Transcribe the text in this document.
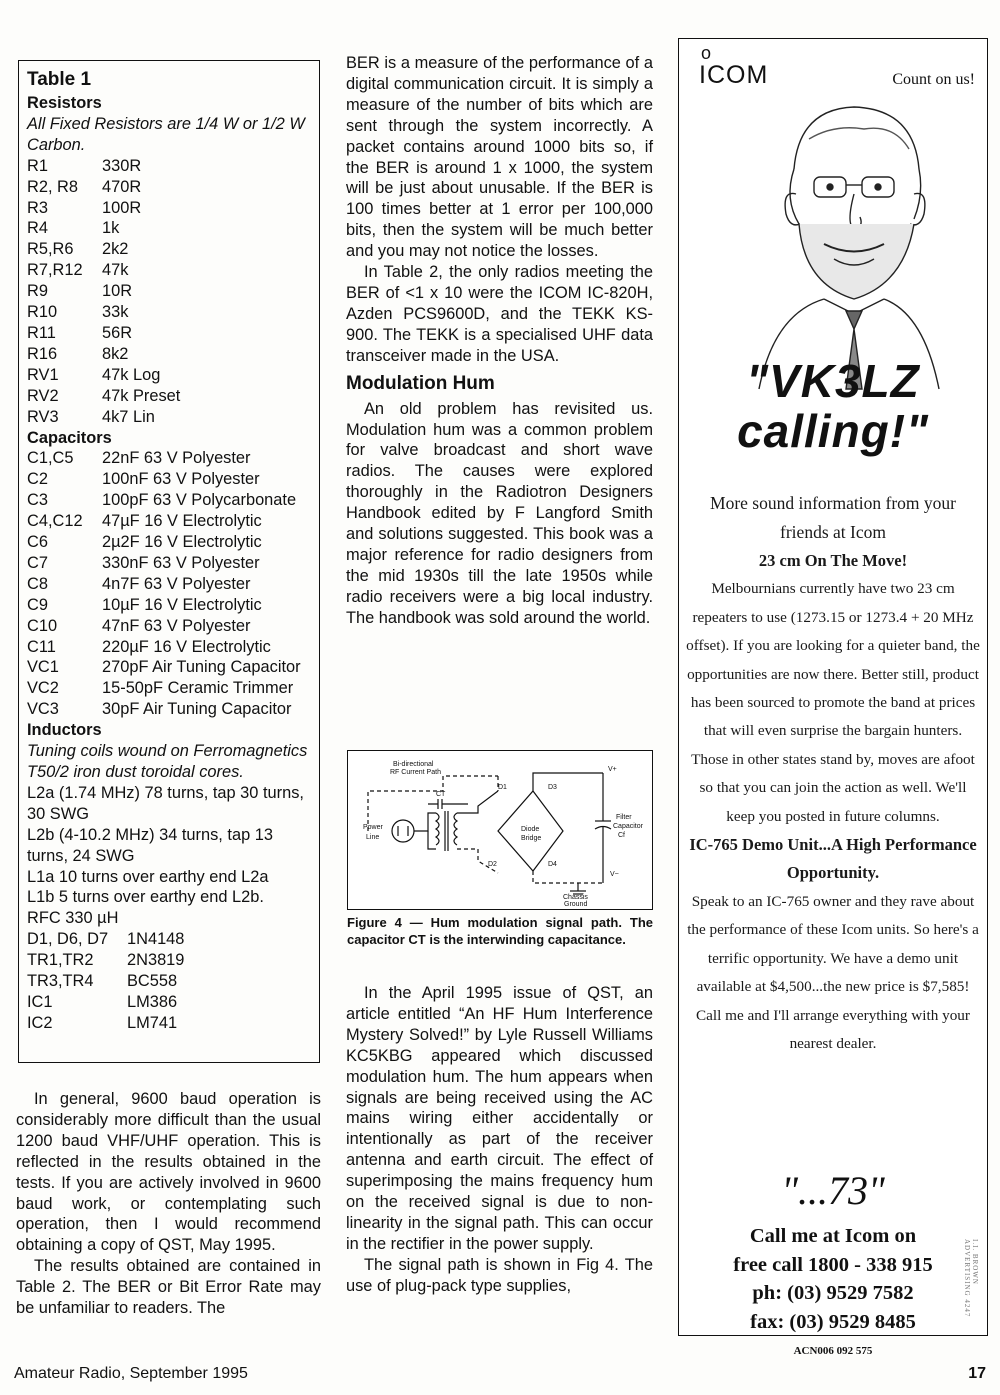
Table 1
Resistors
All Fixed Resistors are 1/4 W or 1/2 W Carbon.
R1	330R
R2, R8	470R
R3	100R
R4	1k
R5,R6	2k2
R7,R12	47k
R9	10R
R10	33k
R11	56R
R16	8k2
RV1	47k Log
RV2	47k Preset
RV3	4k7 Lin
Capacitors
C1,C5	22nF 63 V Polyester
C2	100nF 63 V Polyester
C3	100pF 63 V Polycarbonate
C4,C12	47µF 16 V Electrolytic
C6	2µ2F 16 V Electrolytic
C7	330nF 63 V Polyester
C8	4n7F 63 V Polyester
C9	10µF 16 V Electrolytic
C10	47nF 63 V Polyester
C11	220µF 16 V Electrolytic
VC1	270pF Air Tuning Capacitor
VC2	15-50pF Ceramic Trimmer
VC3	30pF Air Tuning Capacitor
Inductors
Tuning coils wound on Ferromagnetics T50/2 iron dust toroidal cores.
L2a (1.74 MHz) 78 turns, tap 30 turns, 30 SWG
L2b (4-10.2 MHz) 34 turns, tap 13 turns, 24 SWG
L1a 10 turns over earthy end L2a
L1b 5 turns over earthy end L2b.
RFC 330 µH
D1, D6, D7	1N4148
TR1,TR2	2N3819
TR3,TR4	BC558
IC1	LM386
IC2	LM741

In general, 9600 baud operation is considerably more difficult than the usual 1200 baud VHF/UHF operation. This is reflected in the results obtained in the tests. If you are actively involved in 9600 baud work, or contemplating such operation, then I would recommend obtaining a copy of QST, May 1995.

The results obtained are contained in Table 2. The BER or Bit Error Rate may be unfamiliar to readers. The

BER is a measure of the performance of a digital communication circuit. It is simply a measure of the number of bits which are sent through the system incorrectly. A packet contains around 1000 bits so, if the BER is around 1 x 1000, the system will be just about unusable. If the BER is 100 times better at 1 error per 100,000 bits, then the system will be much better and you may not notice the losses.

In Table 2, the only radios meeting the BER of <1 x 10 were the ICOM IC-820H, Azden PCS9600D, and the TEKK KS-900. The TEKK is a specialised UHF data transceiver made in the USA.

Modulation Hum

An old problem has revisited us. Modulation hum was a common problem for valve broadcast and short wave radios. The causes were explored thoroughly in the Radiotron Designers Handbook edited by F Langford Smith and solutions suggested. This book was a major reference for radio designers from the mid 1930s till the late 1950s while radio receivers were a big local industry. The handbook was sold around the world.

Bi-directional
RF Current Path
Power
Line
CT
D1
D2
D3
D4
Diode
Bridge
V+
V−
Filter
Capacitor
Cf
Chassis
Ground
Figure 4 — Hum modulation signal path. The capacitor CT is the interwinding capacitance.

In the April 1995 issue of QST, an article entitled “An HF Hum Interference Mystery Solved!” by Lyle Russell Williams KC5KBG appeared which discussed modulation hum. The hum appears when signals are being received using the AC mains wiring either accidentally or intentionally as part of the receiver antenna and earth circuit. The effect of superimposing the mains frequency hum on the received signal is due to non-linearity in the signal path. This can occur in the rectifier in the power supply.

The signal path is shown in Fig 4. The use of plug-pack type supplies,

o
ICOM	Count on us!
"VK3LZ
calling!"
More sound information from your friends at Icom
23 cm On The Move!
Melbournians currently have two 23 cm repeaters to use (1273.15 or 1273.4 + 20 MHz offset). If you are looking for a quieter band, the opportunities are now there. Better still, product has been sourced to promote the band at prices that will even surprise the bargain hunters. Those in other states stand by, moves are afoot so that you can join the action as well. We'll keep you posted in future columns.
IC-765 Demo Unit...A High Performance Opportunity.
Speak to an IC-765 owner and they rave about the performance of these Icom units. So here's a terrific opportunity. We have a demo unit available at $4,500...the new price is $7,585! Call me and I'll arrange everything with your nearest dealer.
"...73"
Call me at Icom on
free call 1800 - 338 915
ph: (03) 9529 7582
fax: (03) 9529 8485
ACN006 092 575
I.I. BROWN ADVERTISING 4247
Amateur Radio, September 1995	17
